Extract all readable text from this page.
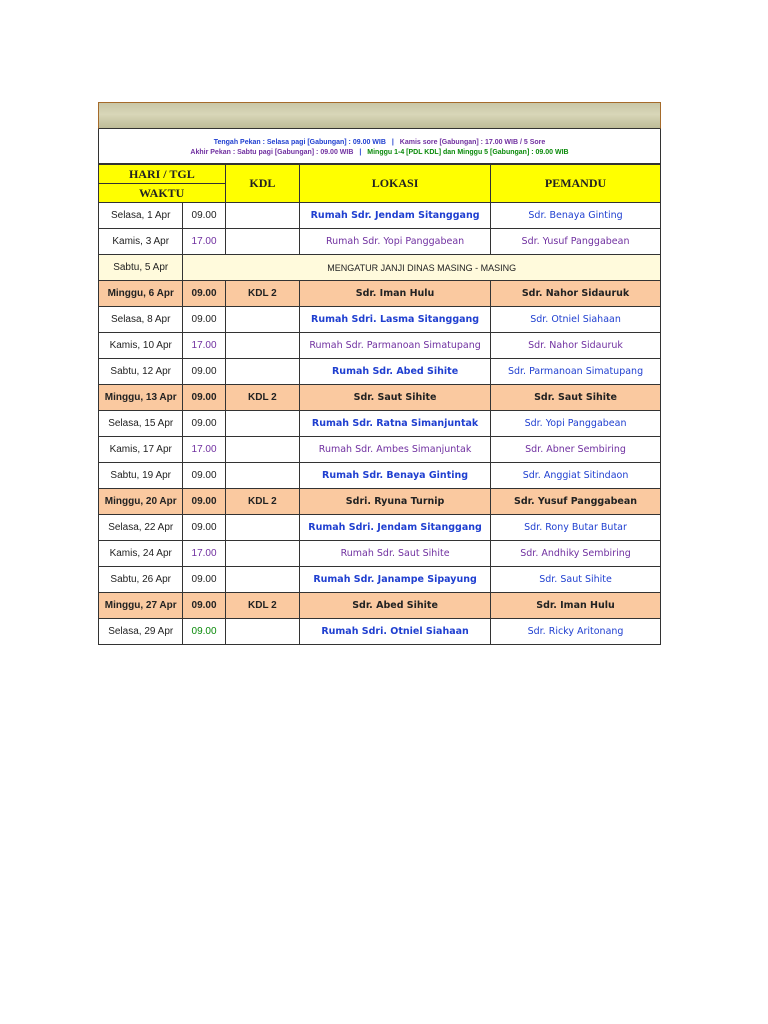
Tengah Pekan : Selasa pagi [Gabungan] : 09.00 WIB | Kamis sore [Gabungan] : 17.00 WIB / 5 Sore
Akhir Pekan : Sabtu pagi [Gabungan] : 09.00 WIB | Minggu 1-4 [PDL KDL] dan Minggu 5 [Gabungan] : 09.00 WIB
HARI / TGL		KDL	LOKASI	PEMANDU
WAKTU				
Selasa, 1 Apr	09.00		Rumah Sdr. Jendam Sitanggang	Sdr. Benaya Ginting
Kamis, 3 Apr	17.00		Rumah Sdr. Yopi Panggabean	Sdr. Yusuf Panggabean
Sabtu, 5 Apr	MENGATUR JANJI DINAS MASING - MASING			
Minggu, 6 Apr	09.00	KDL 2	Sdr. Iman Hulu	Sdr. Nahor Sidauruk
Selasa, 8 Apr	09.00		Rumah Sdri. Lasma Sitanggang	Sdr. Otniel Siahaan
Kamis, 10 Apr	17.00		Rumah Sdr. Parmanoan Simatupang	Sdr. Nahor Sidauruk
Sabtu, 12 Apr	09.00		Rumah Sdr. Abed Sihite	Sdr. Parmanoan Simatupang
Minggu, 13 Apr	09.00	KDL 2	Sdr. Saut Sihite	Sdr. Saut Sihite
Selasa, 15 Apr	09.00		Rumah Sdr. Ratna Simanjuntak	Sdr. Yopi Panggabean
Kamis, 17 Apr	17.00		Rumah Sdr. Ambes Simanjuntak	Sdr. Abner Sembiring
Sabtu, 19 Apr	09.00		Rumah Sdr. Benaya Ginting	Sdr. Anggiat Sitindaon
Minggu, 20 Apr	09.00	KDL 2	Sdri. Ryuna Turnip	Sdr. Yusuf Panggabean
Selasa, 22 Apr	09.00		Rumah Sdri. Jendam Sitanggang	Sdr. Rony Butar Butar
Kamis, 24 Apr	17.00		Rumah Sdr. Saut Sihite	Sdr. Andhiky Sembiring
Sabtu, 26 Apr	09.00		Rumah Sdr. Janampe Sipayung	Sdr. Saut Sihite
Minggu, 27 Apr	09.00	KDL 2	Sdr. Abed Sihite	Sdr. Iman Hulu
Selasa, 29 Apr	09.00		Rumah Sdri. Otniel Siahaan	Sdr. Ricky Aritonang
